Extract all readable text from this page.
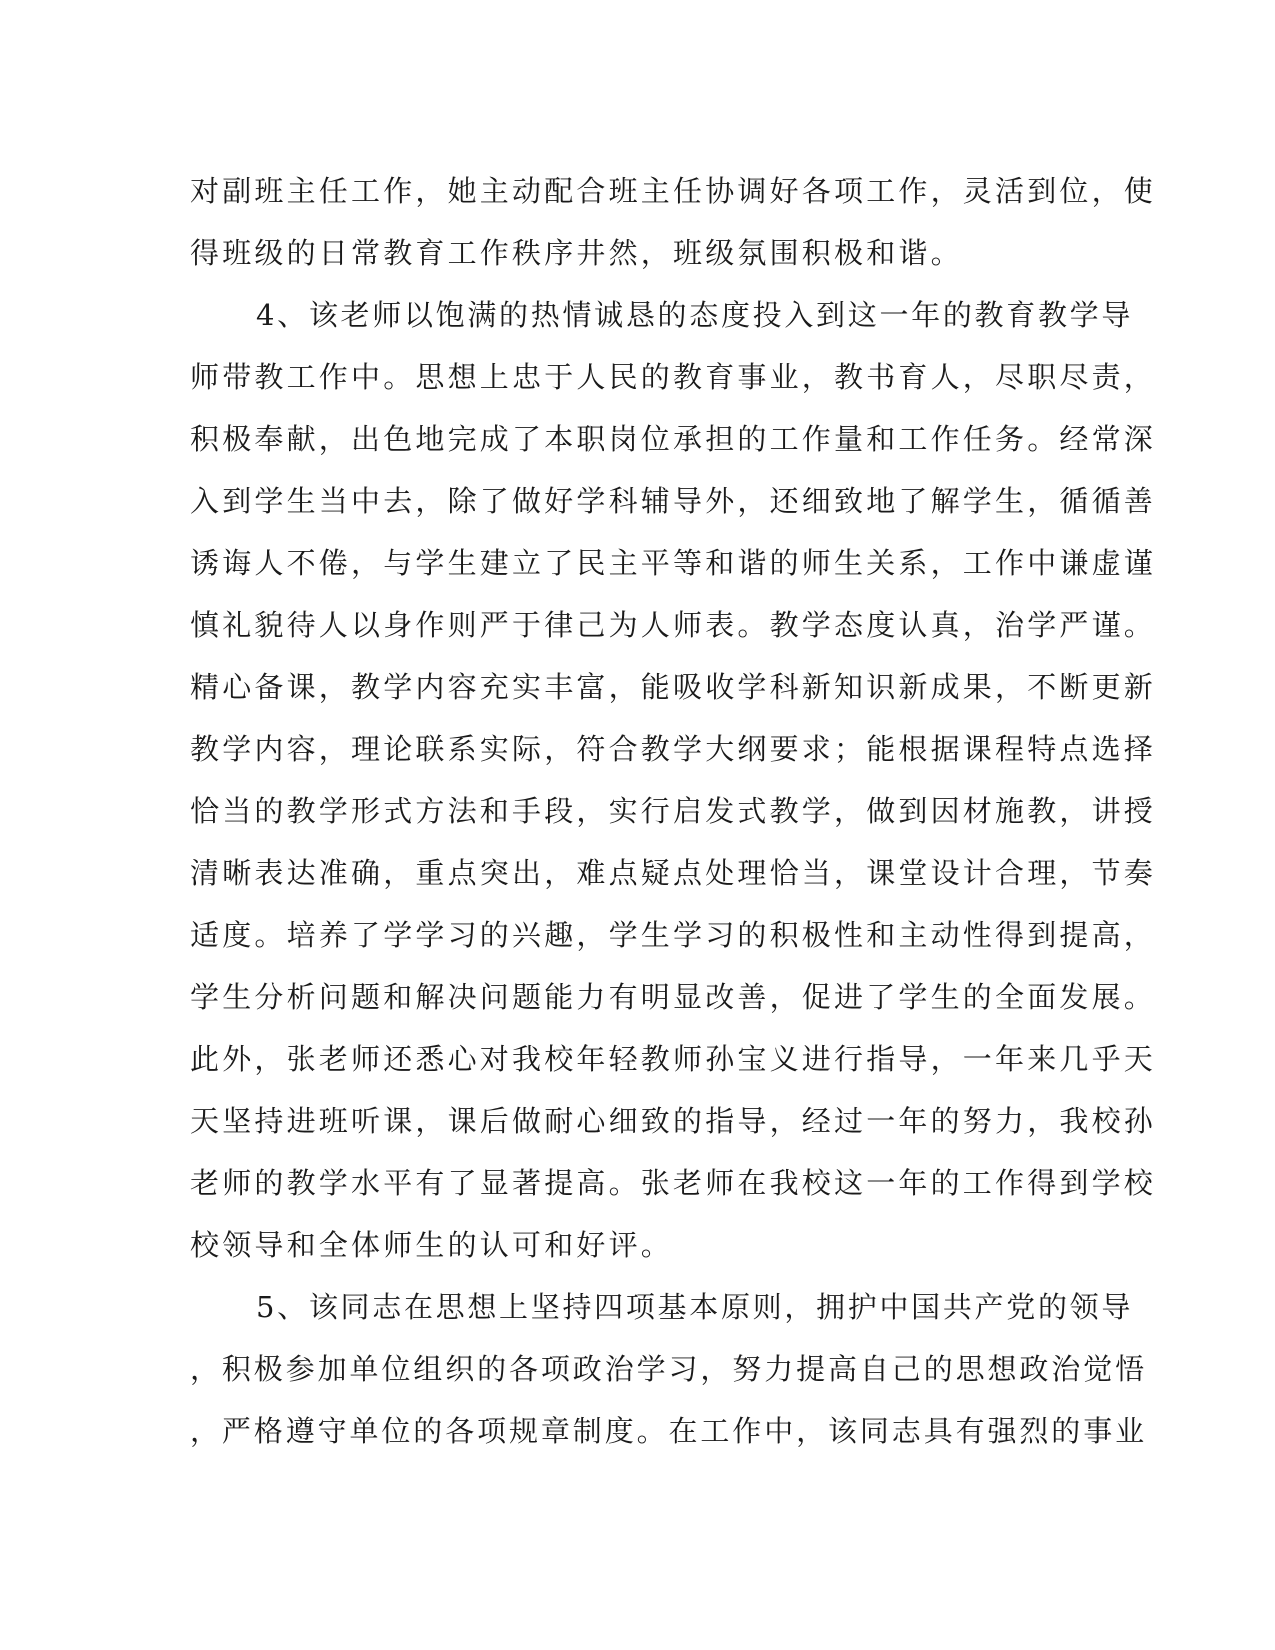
对副班主任工作，她主动配合班主任协调好各项工作，灵活到位，使
得班级的日常教育工作秩序井然，班级氛围积极和谐。
4、该老师以饱满的热情诚恳的态度投入到这一年的教育教学导
师带教工作中。思想上忠于人民的教育事业，教书育人，尽职尽责，
积极奉献，出色地完成了本职岗位承担的工作量和工作任务。经常深
入到学生当中去，除了做好学科辅导外，还细致地了解学生，循循善
诱诲人不倦，与学生建立了民主平等和谐的师生关系，工作中谦虚谨
慎礼貌待人以身作则严于律己为人师表。教学态度认真，治学严谨。
精心备课，教学内容充实丰富，能吸收学科新知识新成果，不断更新
教学内容，理论联系实际，符合教学大纲要求；能根据课程特点选择
恰当的教学形式方法和手段，实行启发式教学，做到因材施教，讲授
清晰表达准确，重点突出，难点疑点处理恰当，课堂设计合理，节奏
适度。培养了学学习的兴趣，学生学习的积极性和主动性得到提高，
学生分析问题和解决问题能力有明显改善，促进了学生的全面发展。
此外，张老师还悉心对我校年轻教师孙宝义进行指导，一年来几乎天
天坚持进班听课，课后做耐心细致的指导，经过一年的努力，我校孙
老师的教学水平有了显著提高。张老师在我校这一年的工作得到学校
校领导和全体师生的认可和好评。
5、该同志在思想上坚持四项基本原则，拥护中国共产党的领导
，积极参加单位组织的各项政治学习，努力提高自己的思想政治觉悟
，严格遵守单位的各项规章制度。在工作中，该同志具有强烈的事业
